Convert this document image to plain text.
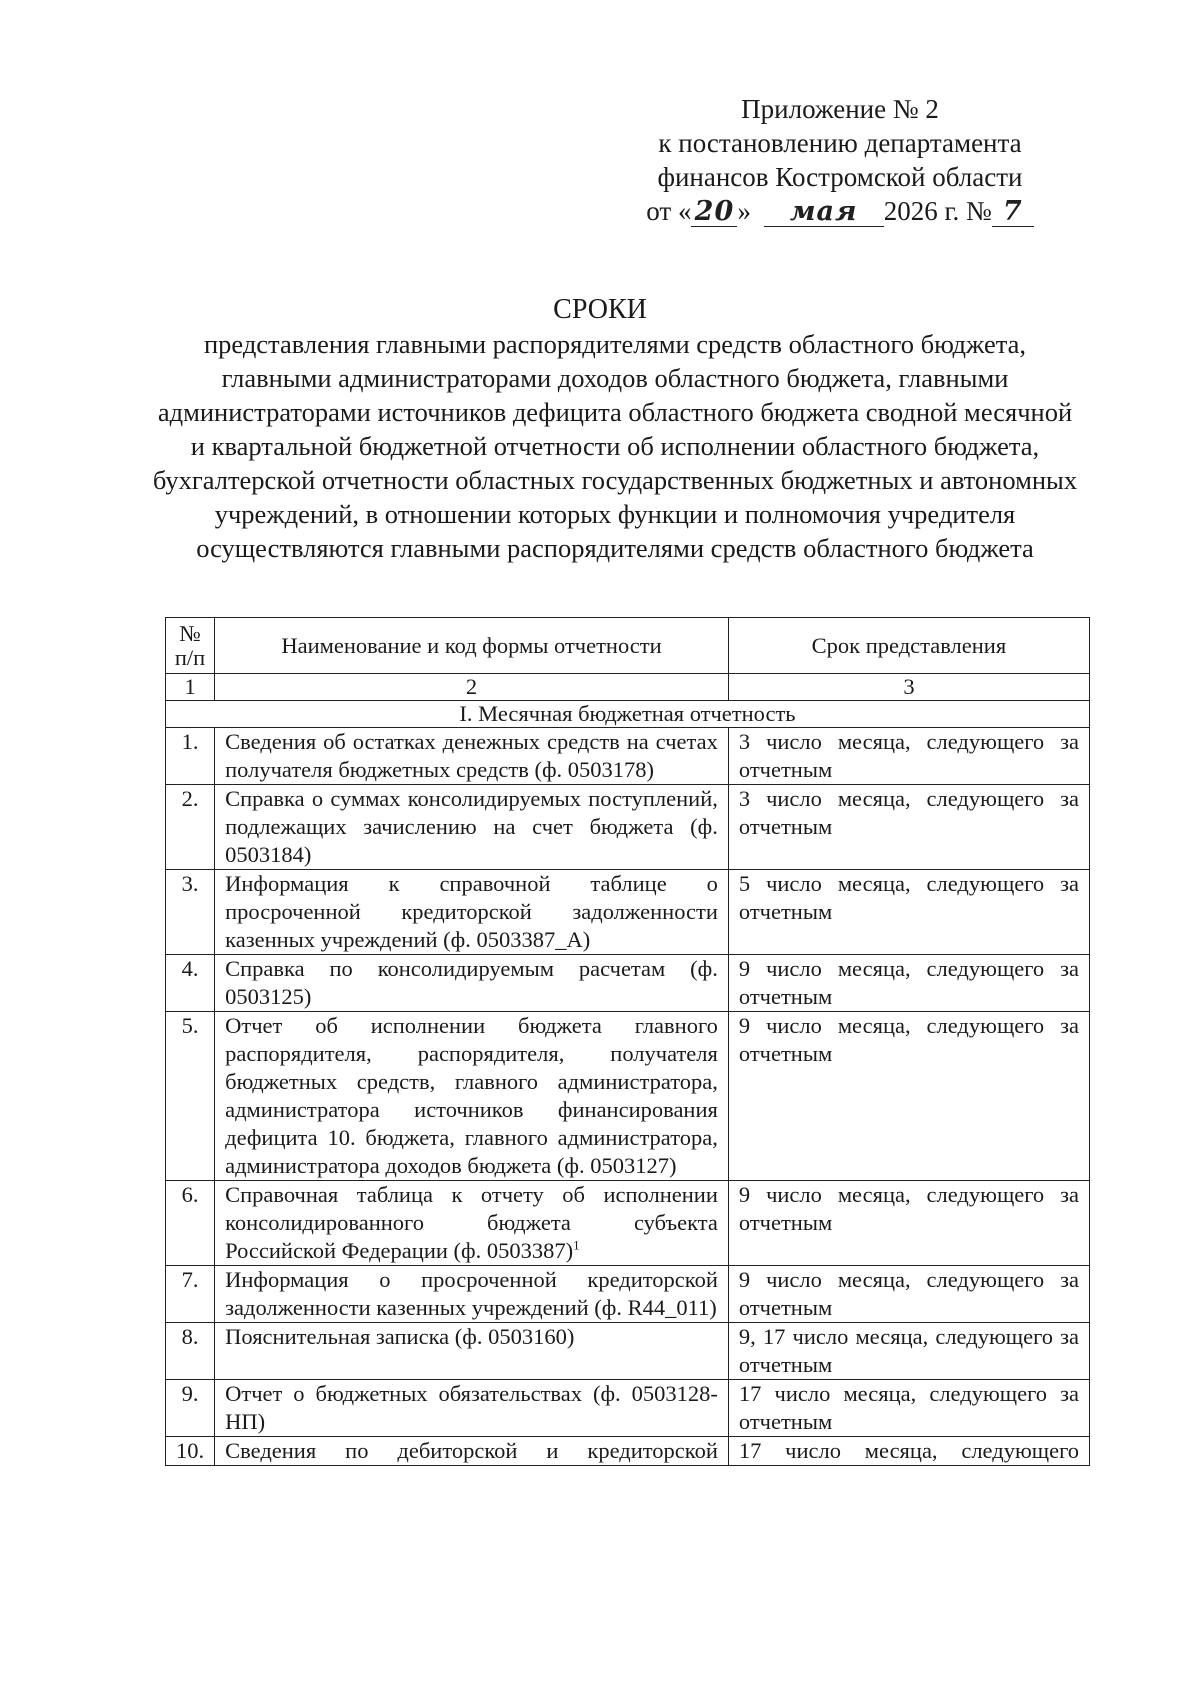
Приложение № 2
к постановлению департамента
финансов Костромской области
от « 20 » мая 2026 г. № 7
СРОКИ
представления главными распорядителями средств областного бюджета, главными администраторами доходов областного бюджета, главными администраторами источников дефицита областного бюджета сводной месячной и квартальной бюджетной отчетности об исполнении областного бюджета, бухгалтерской отчетности областных государственных бюджетных и автономных учреждений, в отношении которых функции и полномочия учредителя осуществляются главными распорядителями средств областного бюджета
№ п/п	Наименование и код формы отчетности	Срок представления
1	2	3
I. Месячная бюджетная отчетность		
1.	Сведения об остатках денежных средств на счетах получателя бюджетных средств (ф. 0503178)	3 число месяца, следующего за отчетным
2.	Справка о суммах консолидируемых поступлений, подлежащих зачислению на счет бюджета (ф. 0503184)	3 число месяца, следующего за отчетным
3.	Информация к справочной таблице о просроченной кредиторской задолженности казенных учреждений (ф. 0503387_А)	5 число месяца, следующего за отчетным
4.	Справка по консолидируемым расчетам (ф. 0503125)	9 число месяца, следующего за отчетным
5.	Отчет об исполнении бюджета главного распорядителя, распорядителя, получателя бюджетных средств, главного администратора, администратора источников финансирования дефицита 10. бюджета, главного администратора, администратора доходов бюджета (ф. 0503127)	9 число месяца, следующего за отчетным
6.	Справочная таблица к отчету об исполнении консолидированного бюджета субъекта Российской Федерации (ф. 0503387)$^1$	9 число месяца, следующего за отчетным
7.	Информация о просроченной кредиторской задолженности казенных учреждений (ф. R44_011)	9 число месяца, следующего за отчетным
8.	Пояснительная записка (ф. 0503160)	9, 17 число месяца, следующего за отчетным
9.	Отчет о бюджетных обязательствах (ф. 0503128-НП)	17 число месяца, следующего за отчетным
10.	Сведения по дебиторской и кредиторской	17 число месяца, следующего
